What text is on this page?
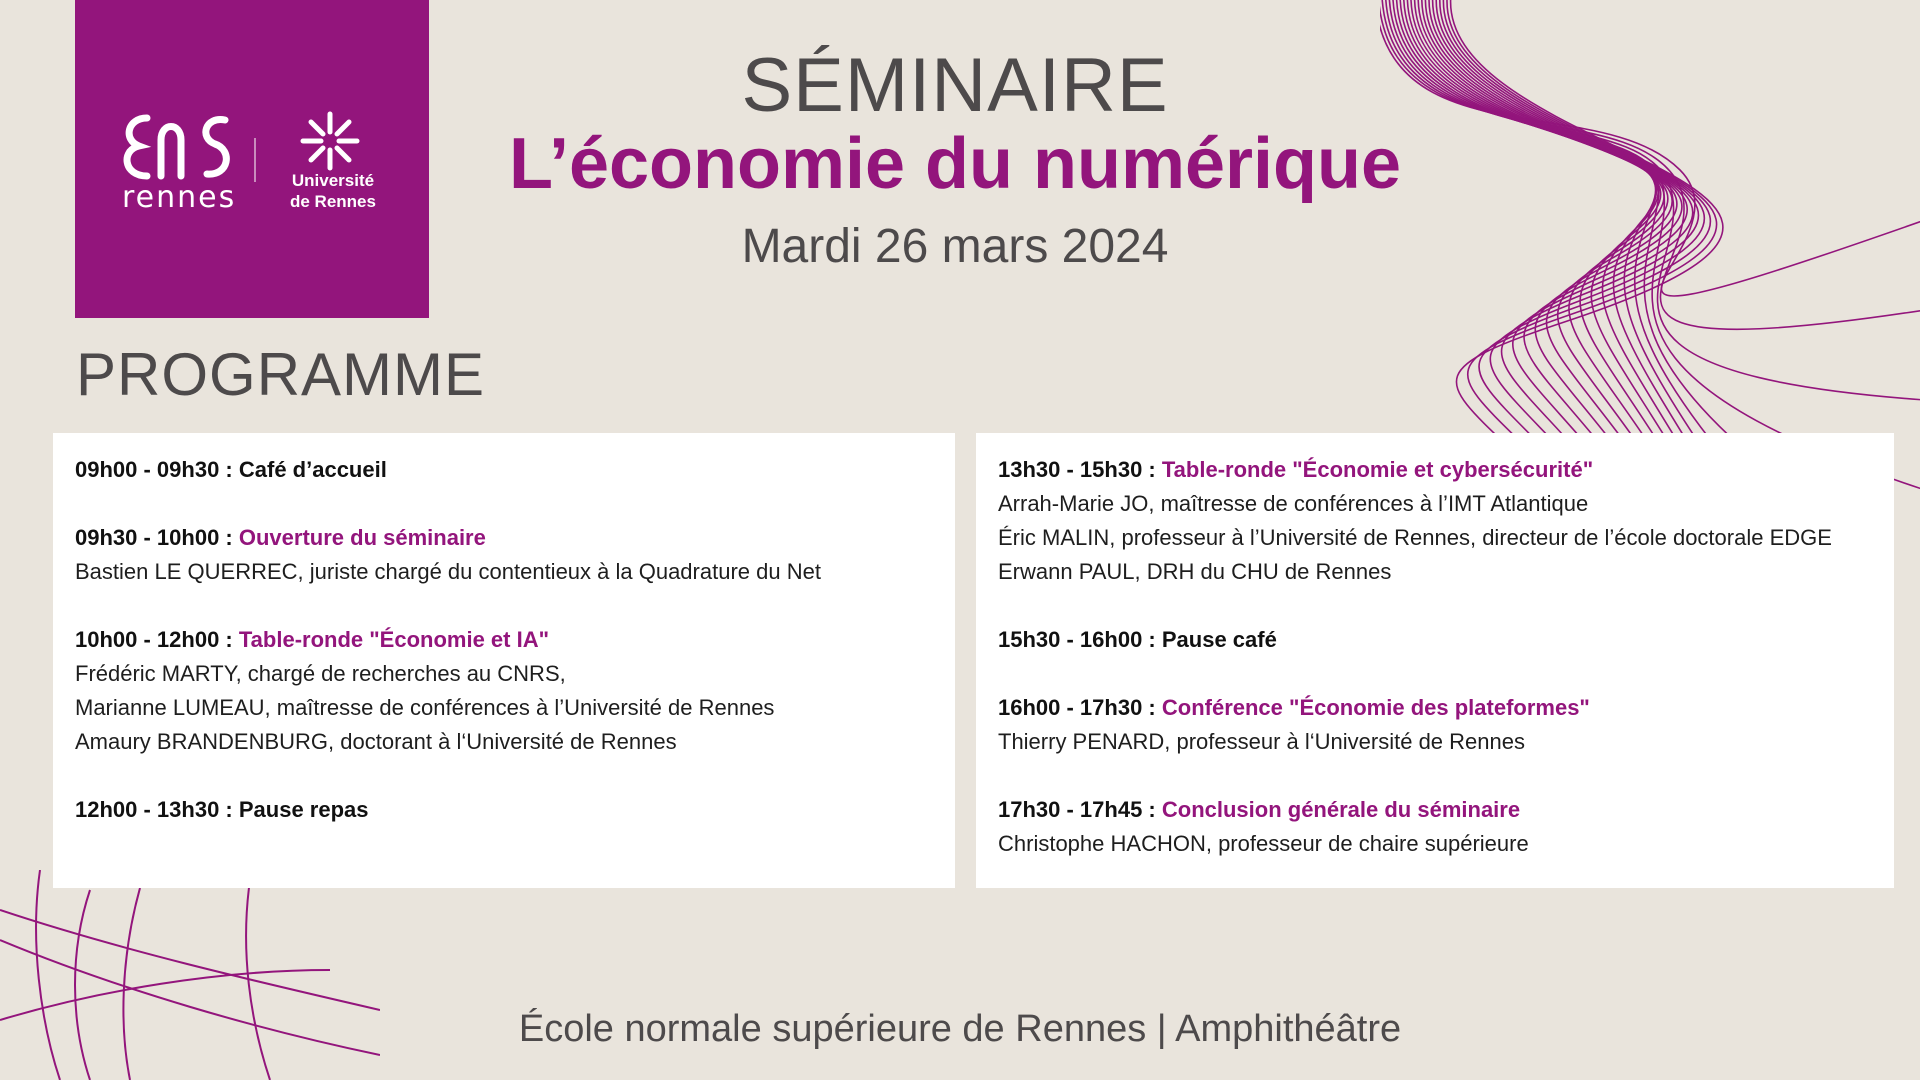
rennes	Université
de Rennes
SÉMINAIRE
L’économie du numérique
Mardi 26 mars 2024
PROGRAMME
09h00 - 09h30 : Café d’accueil
09h30 - 10h00 : Ouverture du séminaire
Bastien LE QUERREC, juriste chargé du contentieux à la Quadrature du Net
10h00 - 12h00 : Table-ronde "Économie et IA"
Frédéric MARTY, chargé de recherches au CNRS,
Marianne LUMEAU, maîtresse de conférences à l’Université de Rennes
Amaury BRANDENBURG, doctorant à l‘Université de Rennes
12h00 - 13h30 : Pause repas
13h30 - 15h30 : Table-ronde "Économie et cybersécurité"
Arrah-Marie JO, maîtresse de conférences à l’IMT Atlantique
Éric MALIN, professeur à l’Université de Rennes, directeur de l’école doctorale EDGE
Erwann PAUL, DRH du CHU de Rennes
15h30 - 16h00 : Pause café
16h00 - 17h30 : Conférence "Économie des plateformes"
Thierry PENARD, professeur à l‘Université de Rennes
17h30 - 17h45 : Conclusion générale du séminaire
Christophe HACHON, professeur de chaire supérieure
École normale supérieure de Rennes | Amphithéâtre
